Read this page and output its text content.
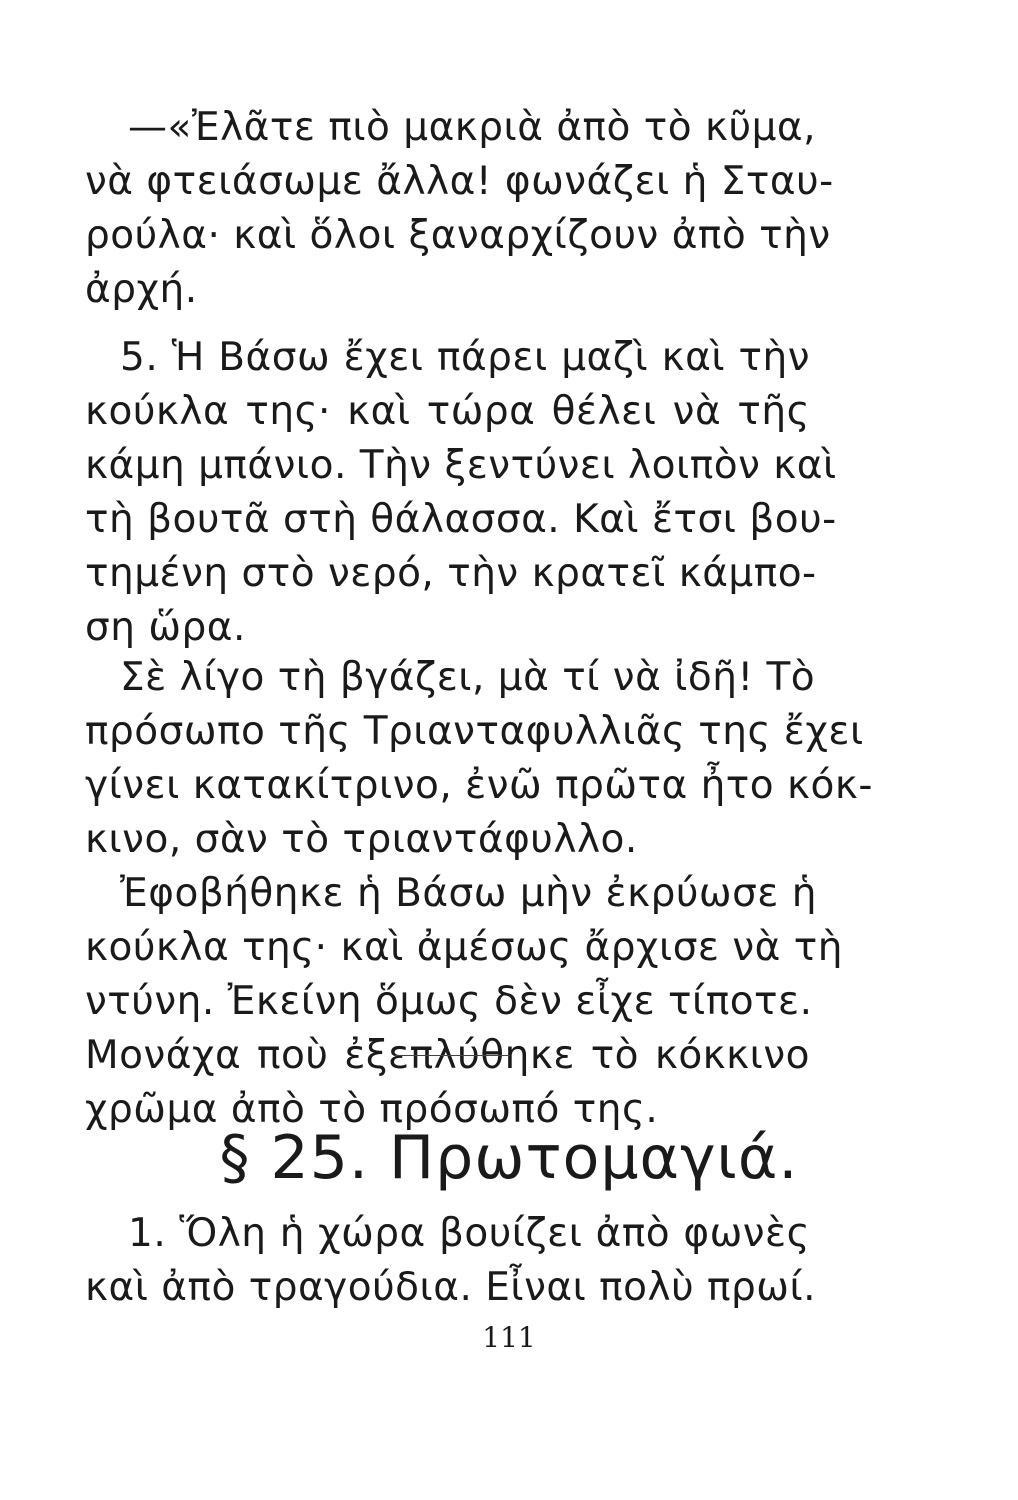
—«Ἐλᾶτε πιὸ μακριὰ ἀπὸ τὸ κῦμα,
νὰ φτειάσωμε ἄλλα! φωνάζει ἡ Σταυ-
ρούλα· καὶ ὅλοι ξαναρχίζουν ἀπὸ τὴν
ἀρχή.
5. Ἡ Βάσω ἔχει πάρει μαζὶ καὶ τὴν
κούκλα της· καὶ τώρα θέλει νὰ τῆς
κάμη μπάνιο. Τὴν ξεντύνει λοιπὸν καὶ
τὴ βουτᾶ στὴ θάλασσα. Καὶ ἔτσι βου-
τημένη στὸ νερό, τὴν κρατεῖ κάμπο-
ση ὥρα.
Σὲ λίγο τὴ βγάζει, μὰ τί νὰ ἰδῆ! Τὸ
πρόσωπο τῆς Τριανταφυλλιᾶς της ἔχει
γίνει κατακίτρινο, ἐνῶ πρῶτα ἦτο κόκ-
κινο, σὰν τὸ τριαντάφυλλο.
Ἐφοβήθηκε ἡ Βάσω μὴν ἐκρύωσε ἡ
κούκλα της· καὶ ἀμέσως ἄρχισε νὰ τὴ
ντύνη. Ἐκείνη ὅμως δὲν εἶχε τίποτε.
Μονάχα ποὺ ἐξεπλύθηκε τὸ κόκκινο
χρῶμα ἀπὸ τὸ πρόσωπό της.
§ 25. Πρωτομαγιά.
1. Ὅλη ἡ χώρα βουίζει ἀπὸ φωνὲς
καὶ ἀπὸ τραγούδια. Εἶναι πολὺ πρωί.
111
